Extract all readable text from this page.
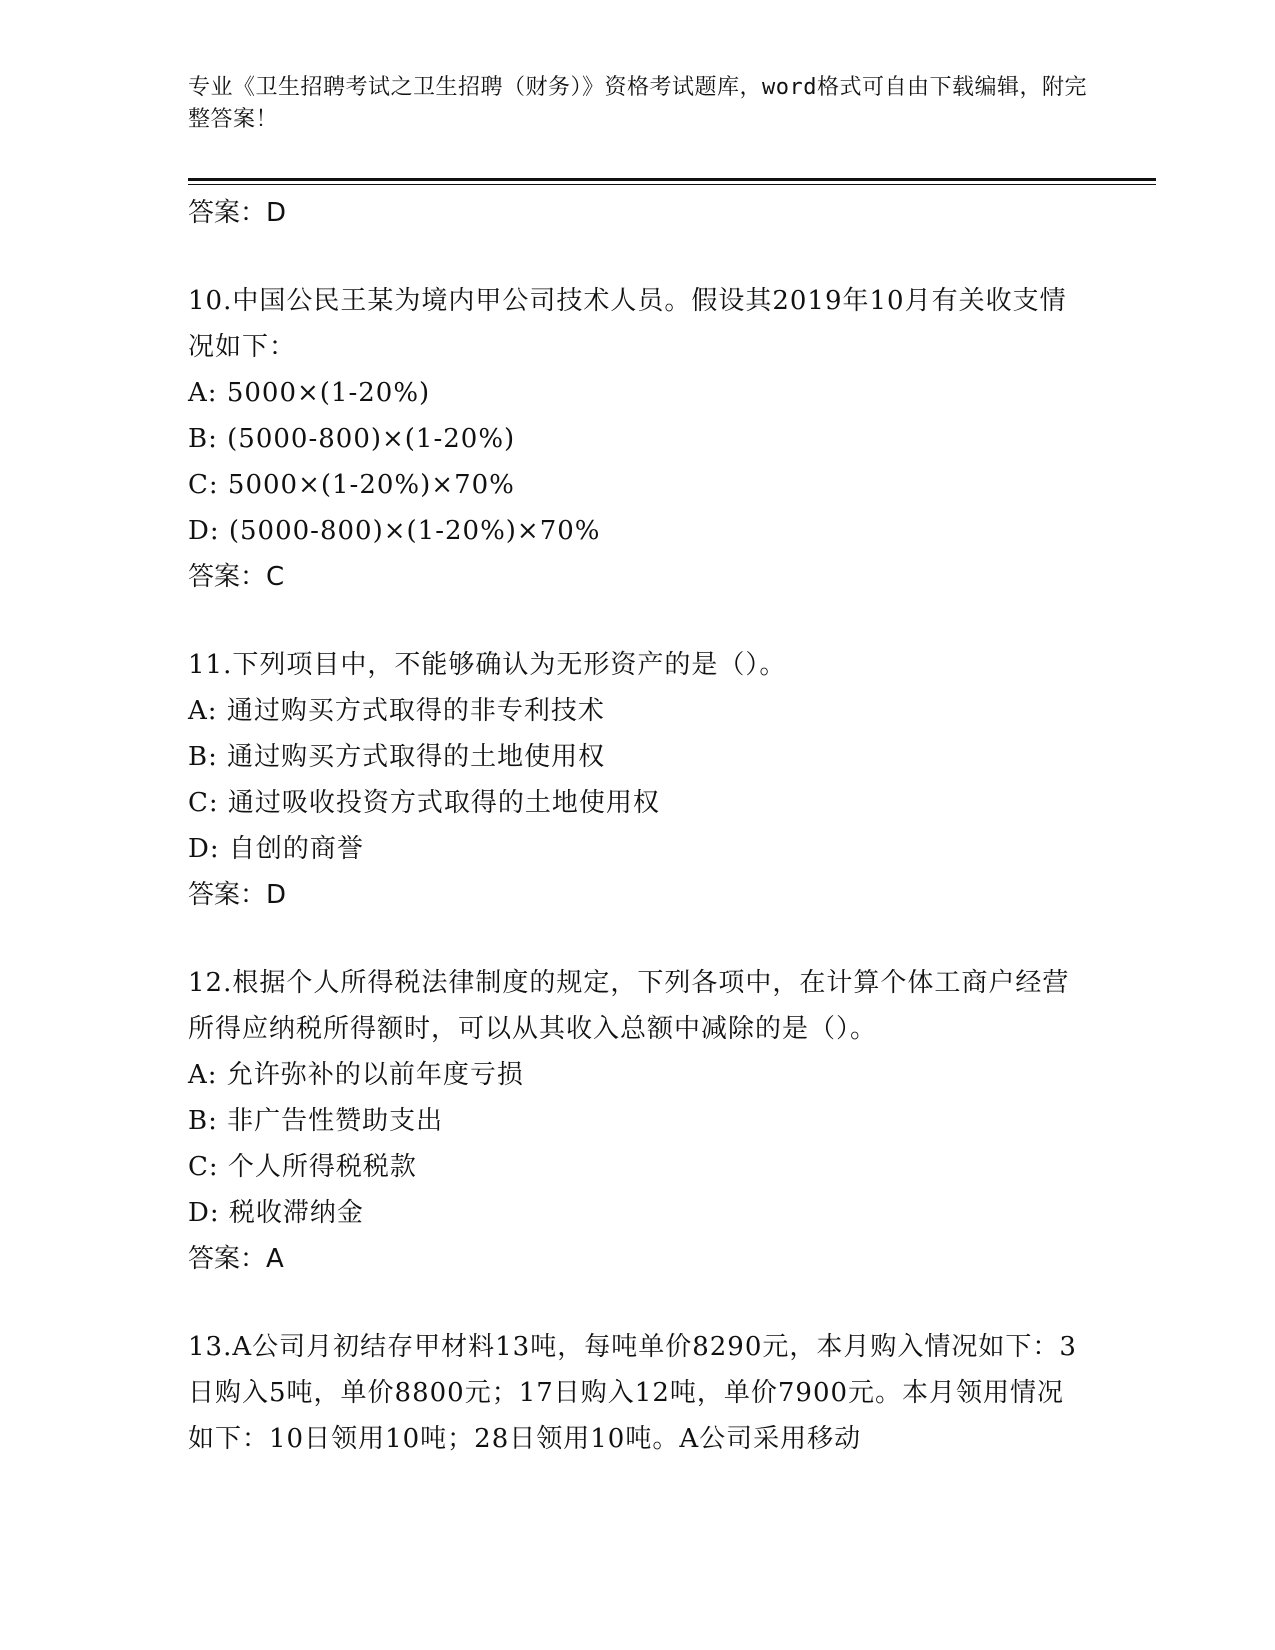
专业《卫生招聘考试之卫生招聘（财务）》资格考试题库，word格式可自由下载编辑，附完整答案！
答案：D
10.中国公民王某为境内甲公司技术人员。假设其2019年10月有关收支情况如下：
A: 5000×(1-20%)
B: (5000-800)×(1-20%)
C: 5000×(1-20%)×70%
D: (5000-800)×(1-20%)×70%
答案：C
11.下列项目中，不能够确认为无形资产的是（）。
A: 通过购买方式取得的非专利技术
B: 通过购买方式取得的土地使用权
C: 通过吸收投资方式取得的土地使用权
D: 自创的商誉
答案：D
12.根据个人所得税法律制度的规定，下列各项中，在计算个体工商户经营所得应纳税所得额时，可以从其收入总额中减除的是（）。
A: 允许弥补的以前年度亏损
B: 非广告性赞助支出
C: 个人所得税税款
D: 税收滞纳金
答案：A
13.A公司月初结存甲材料13吨，每吨单价8290元，本月购入情况如下：3日购入5吨，单价8800元；17日购入12吨，单价7900元。本月领用情况如下：10日领用10吨；28日领用10吨。A公司采用移动
